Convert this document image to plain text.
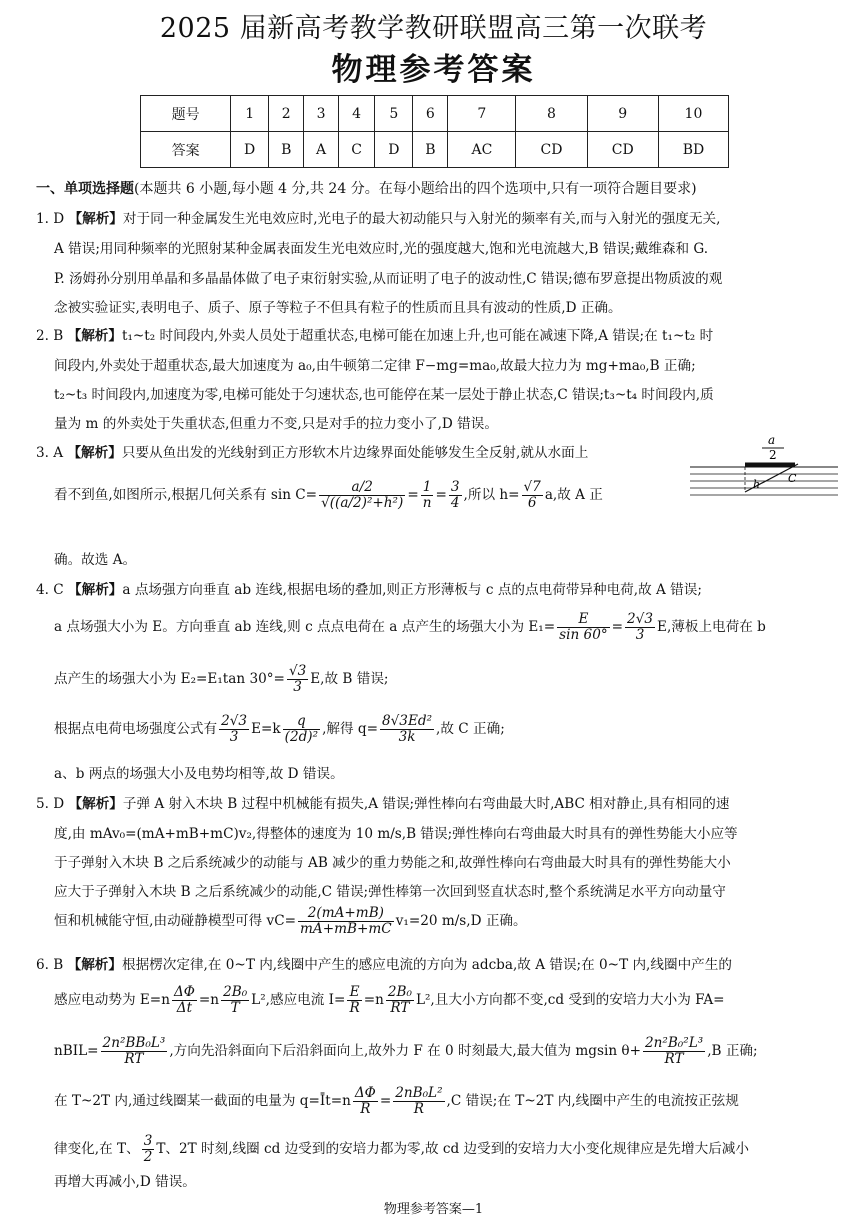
2025 届新高考教学教研联盟高三第一次联考
物理参考答案
题号	1	2	3	4	5	6	7	8	9	10
答案	D	B	A	C	D	B	AC	CD	CD	BD
一、单项选择题(本题共 6 小题,每小题 4 分,共 24 分。在每小题给出的四个选项中,只有一项符合题目要求)
1. D 【解析】对于同一种金属发生光电效应时,光电子的最大初动能只与入射光的频率有关,而与入射光的强度无关,
A 错误;用同种频率的光照射某种金属表面发生光电效应时,光的强度越大,饱和光电流越大,B 错误;戴维森和 G.
P. 汤姆孙分别用单晶和多晶晶体做了电子束衍射实验,从而证明了电子的波动性,C 错误;德布罗意提出物质波的观
念被实验证实,表明电子、质子、原子等粒子不但具有粒子的性质而且具有波动的性质,D 正确。
2. B 【解析】t₁~t₂ 时间段内,外卖人员处于超重状态,电梯可能在加速上升,也可能在减速下降,A 错误;在 t₁~t₂ 时
间段内,外卖处于超重状态,最大加速度为 a₀,由牛顿第二定律 F−mg=ma₀,故最大拉力为 mg+ma₀,B 正确;
t₂~t₃ 时间段内,加速度为零,电梯可能处于匀速状态,也可能停在某一层处于静止状态,C 错误;t₃~t₄ 时间段内,质
量为 m 的外卖处于失重状态,但重力不变,只是对手的拉力变小了,D 错误。
3. A 【解析】只要从鱼出发的光线射到正方形软木片边缘界面处能够发生全反射,就从水面上
看不到鱼,如图所示,根据几何关系有 $\sin C= \frac{a/2}{\text{√((a/2)²+h²)}} = \frac{1}{n} = \frac{3}{4}$ ,所以 $h= \frac{√7}{6} a$,故 A 正
确。故选 A。
a
2
h	C
4. C 【解析】a 点场强方向垂直 ab 连线,根据电场的叠加,则正方形薄板与 c 点的点电荷带异种电荷,故 A 错误;
a 点场强大小为 E。方向垂直 ab 连线,则 c 点点电荷在 a 点产生的场强大小为 $E_1= \frac{E}{\sin 60^\circ} = \frac{2√3}{3} E$,薄板上电荷在 b
点产生的场强大小为 E₂=E₁tan $30^\circ= \frac{√3}{3} E$,故 B 错误;
根据点电荷电场强度公式有 $\frac{2√3}{3} E=k \frac{q}{\text{(2d)²}}$ ,解得 $q= \frac{\text{8√3Ed²}}{3k}$ ,故 C 正确;
a、b 两点的场强大小及电势均相等,故 D 错误。
5. D 【解析】子弹 A 射入木块 B 过程中机械能有损失,A 错误;弹性棒向右弯曲最大时,ABC 相对静止,具有相同的速
度,由 mAv₀=(mA+mB+mC)v₂,得整体的速度为 10 m/s,B 错误;弹性棒向右弯曲最大时具有的弹性势能大小应等
于子弹射入木块 B 之后系统减少的动能与 AB 减少的重力势能之和,故弹性棒向右弯曲最大时具有的弹性势能大小
应大于子弹射入木块 B 之后系统减少的动能,C 错误;弹性棒第一次回到竖直状态时,整个系统满足水平方向动量守
恒和机械能守恒,由动碰静模型可得 $vC= \frac{2(mA+mB)}{mA+mB+mC} v_1=20$ m/s,D 正确。
6. B 【解析】根据楞次定律,在 0~T 内,线圈中产生的感应电流的方向为 adcba,故 A 错误;在 0~T 内,线圈中产生的
感应电动势为 $E=n \frac{\Delta\Phi}{\Delta t} =n \frac{\text{2B₀}}{T} L^2$,感应电流 $I= \frac{E}{R} =n \frac{\text{2B₀}}{RT} L^2$,且大小方向都不变,cd 受到的安培力大小为 FA=
nBIL= $\frac{\text{2n²BB₀L³}}{RT}$ ,方向先沿斜面向下后沿斜面向上,故外力 F 在 0 时刻最大,最大值为 mgsin $\theta+ \frac{\text{2n²B₀²L³}}{RT} ,B$ 正确;
在 T~2T 内,通过线圈某一截面的电量为 q=Īt=n $\frac{\Delta\Phi}{R} = \frac{\text{2nB₀L²}}{R} ,C$ 错误;在 T~2T 内,线圈中产生的电流按正弦规
律变化,在 T、 $\frac{3}{2}$ T、2T 时刻,线圈 cd 边受到的安培力都为零,故 cd 边受到的安培力大小变化规律应是先增大后减小
再增大再减小,D 错误。
物理参考答案—1
